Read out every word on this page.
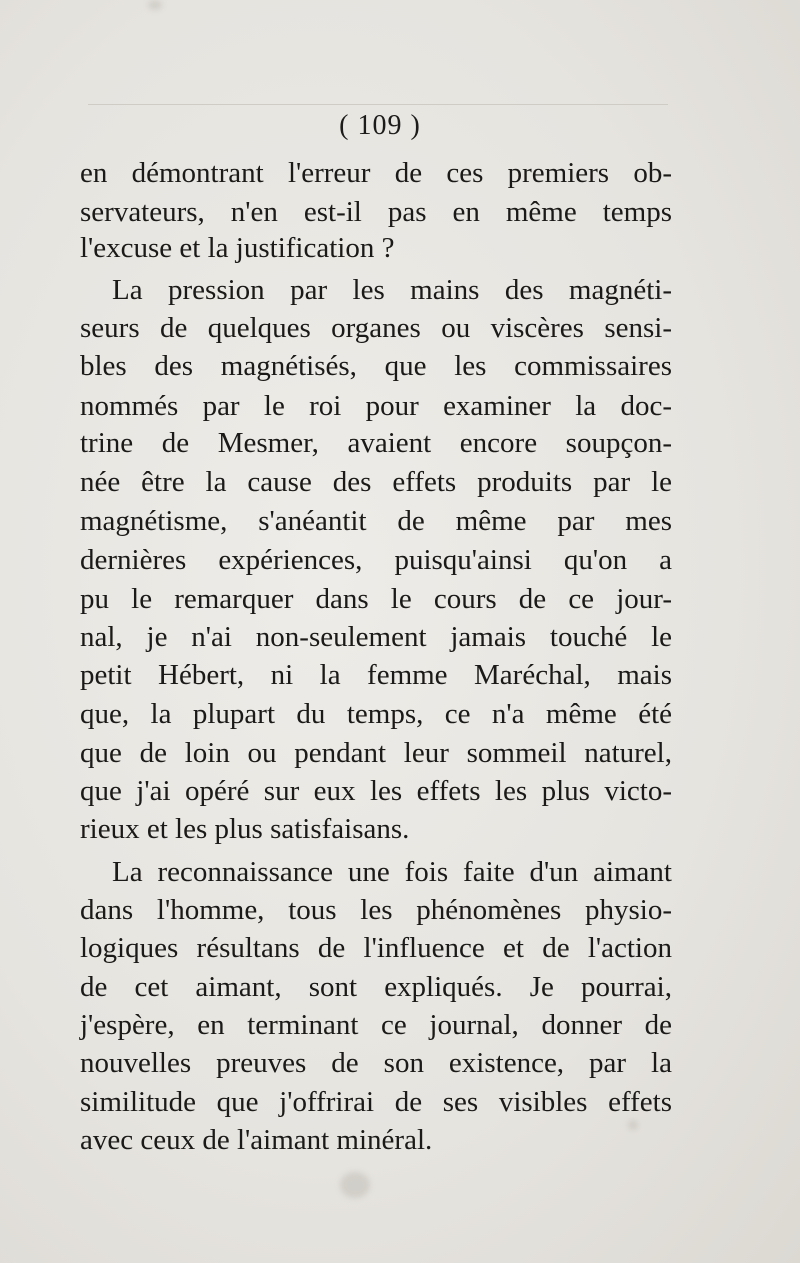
( 109 )
en démontrant l'erreur de ces premiers ob-
servateurs, n'en est-il pas en même temps
l'excuse et la justification ?
La pression par les mains des magnéti-
seurs de quelques organes ou viscères sensi-
bles des magnétisés, que les commissaires
nommés par le roi pour examiner la doc-
trine de Mesmer, avaient encore soupçon-
née être la cause des effets produits par le
magnétisme, s'anéantit de même par mes
dernières expériences, puisqu'ainsi qu'on a
pu le remarquer dans le cours de ce jour-
nal, je n'ai non-seulement jamais touché le
petit Hébert, ni la femme Maréchal, mais
que, la plupart du temps, ce n'a même été
que de loin ou pendant leur sommeil naturel,
que j'ai opéré sur eux les effets les plus victo-
rieux et les plus satisfaisans.
La reconnaissance une fois faite d'un aimant
dans l'homme, tous les phénomènes physio-
logiques résultans de l'influence et de l'action
de cet aimant, sont expliqués. Je pourrai,
j'espère, en terminant ce journal, donner de
nouvelles preuves de son existence, par la
similitude que j'offrirai de ses visibles effets
avec ceux de l'aimant minéral.
